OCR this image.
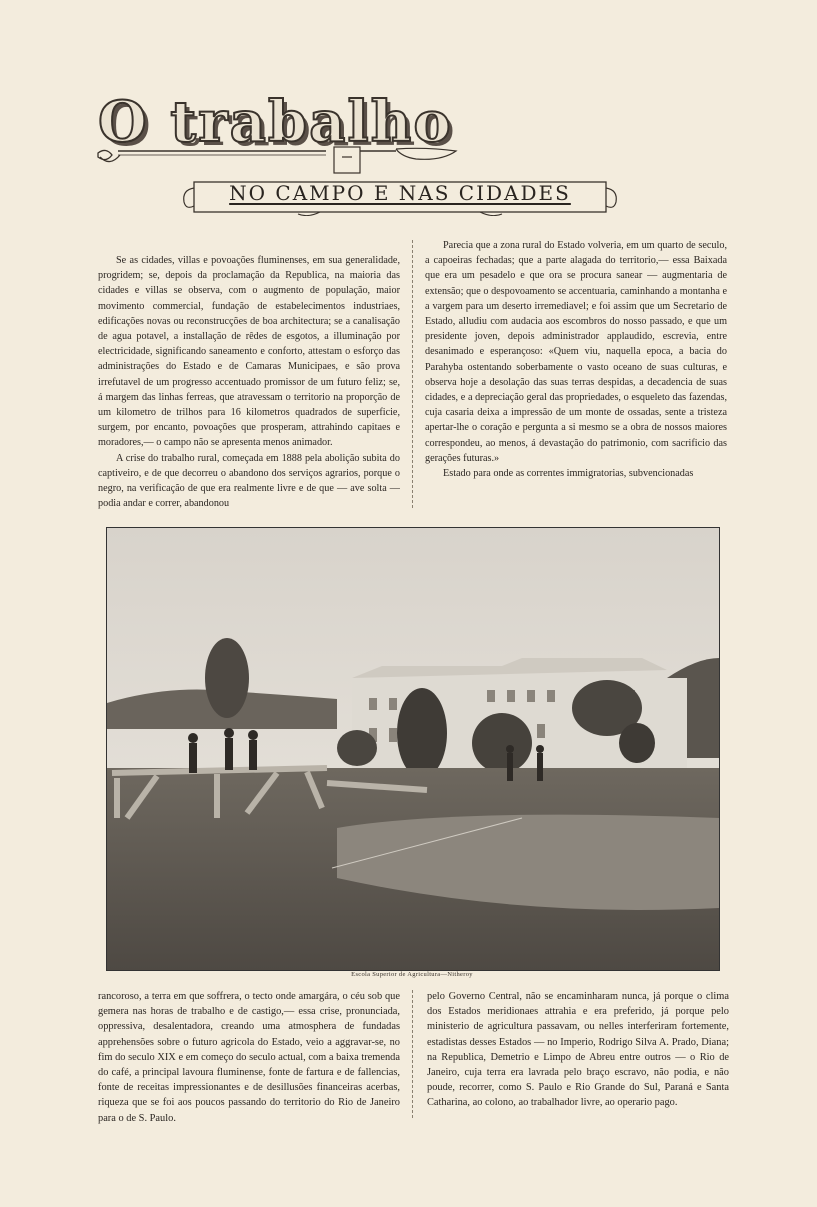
O trabalho
NO CAMPO E NAS CIDADES

Se as cidades, villas e povoações fluminenses, em sua generalidade, progridem; se, depois da proclamação da Republica, na maioria das cidades e villas se observa, com o augmento de população, maior movimento commercial, fundação de estabelecimentos industriaes, edificações novas ou reconstrucções de boa architectura; se a canalisação de agua potavel, a installação de rêdes de esgotos, a illuminação por electricidade, significando saneamento e conforto, attestam o esforço das administrações do Estado e de Camaras Municipaes, e são prova irrefutavel de um progresso accentuado promissor de um futuro feliz; se, á margem das linhas ferreas, que atravessam o territorio na proporção de um kilometro de trilhos para 16 kilometros quadrados de superficie, surgem, por encanto, povoações que prosperam, attrahindo capitaes e moradores,— o campo não se apresenta menos animador.

A crise do trabalho rural, começada em 1888 pela abolição subita do captiveiro, e de que decorreu o abandono dos serviços agrarios, porque o negro, na verificação de que era realmente livre e de que — ave solta — podia andar e correr, abandonou

Parecia que a zona rural do Estado volveria, em um quarto de seculo, a capoeiras fechadas; que a parte alagada do territorio,— essa Baixada que era um pesadelo e que ora se procura sanear — augmentaria de extensão; que o despovoamento se accentuaria, caminhando a montanha e a vargem para um deserto irremediavel; e foi assim que um Secretario de Estado, alludiu com audacia aos escombros do nosso passado, e que um presidente joven, depois administrador applaudido, escrevia, entre desanimado e esperançoso: «Quem viu, naquella epoca, a bacia do Parahyba ostentando soberbamente o vasto oceano de suas culturas, e observa hoje a desolação das suas terras despidas, a decadencia de suas cidades, e a depreciação geral das propriedades, o esqueleto das fazendas, cuja casaria deixa a impressão de um monte de ossadas, sente a tristeza apertar-lhe o coração e pergunta a si mesmo se a obra de nossos maiores correspondeu, ao menos, á devastação do patrimonio, com sacrificio das gerações futuras.»

Estado para onde as correntes immigratorias, subvencionadas

Escola Superior de Agricultura—Nitheroy

rancoroso, a terra em que soffrera, o tecto onde amargára, o céu sob que gemera nas horas de trabalho e de castigo,— essa crise, pronunciada, oppressiva, desalentadora, creando uma atmosphera de fundadas apprehensões sobre o futuro agricola do Estado, veio a aggravar-se, no fim do seculo XIX e em começo do seculo actual, com a baixa tremenda do café, a principal lavoura fluminense, fonte de fartura e de fallencias, fonte de receitas impressionantes e de desillusões financeiras acerbas, riqueza que se foi aos poucos passando do territorio do Rio de Janeiro para o de S. Paulo.

pelo Governo Central, não se encaminharam nunca, já porque o clima dos Estados meridionaes attrahia e era preferido, já porque pelo ministerio de agricultura passavam, ou nelles interferiram fortemente, estadistas desses Estados — no Imperio, Rodrigo Silva A. Prado, Diana; na Republica, Demetrio e Limpo de Abreu entre outros — o Rio de Janeiro, cuja terra era lavrada pelo braço escravo, não podia, e não poude, recorrer, como S. Paulo e Rio Grande do Sul, Paraná e Santa Catharina, ao colono, ao trabalhador livre, ao operario pago.
